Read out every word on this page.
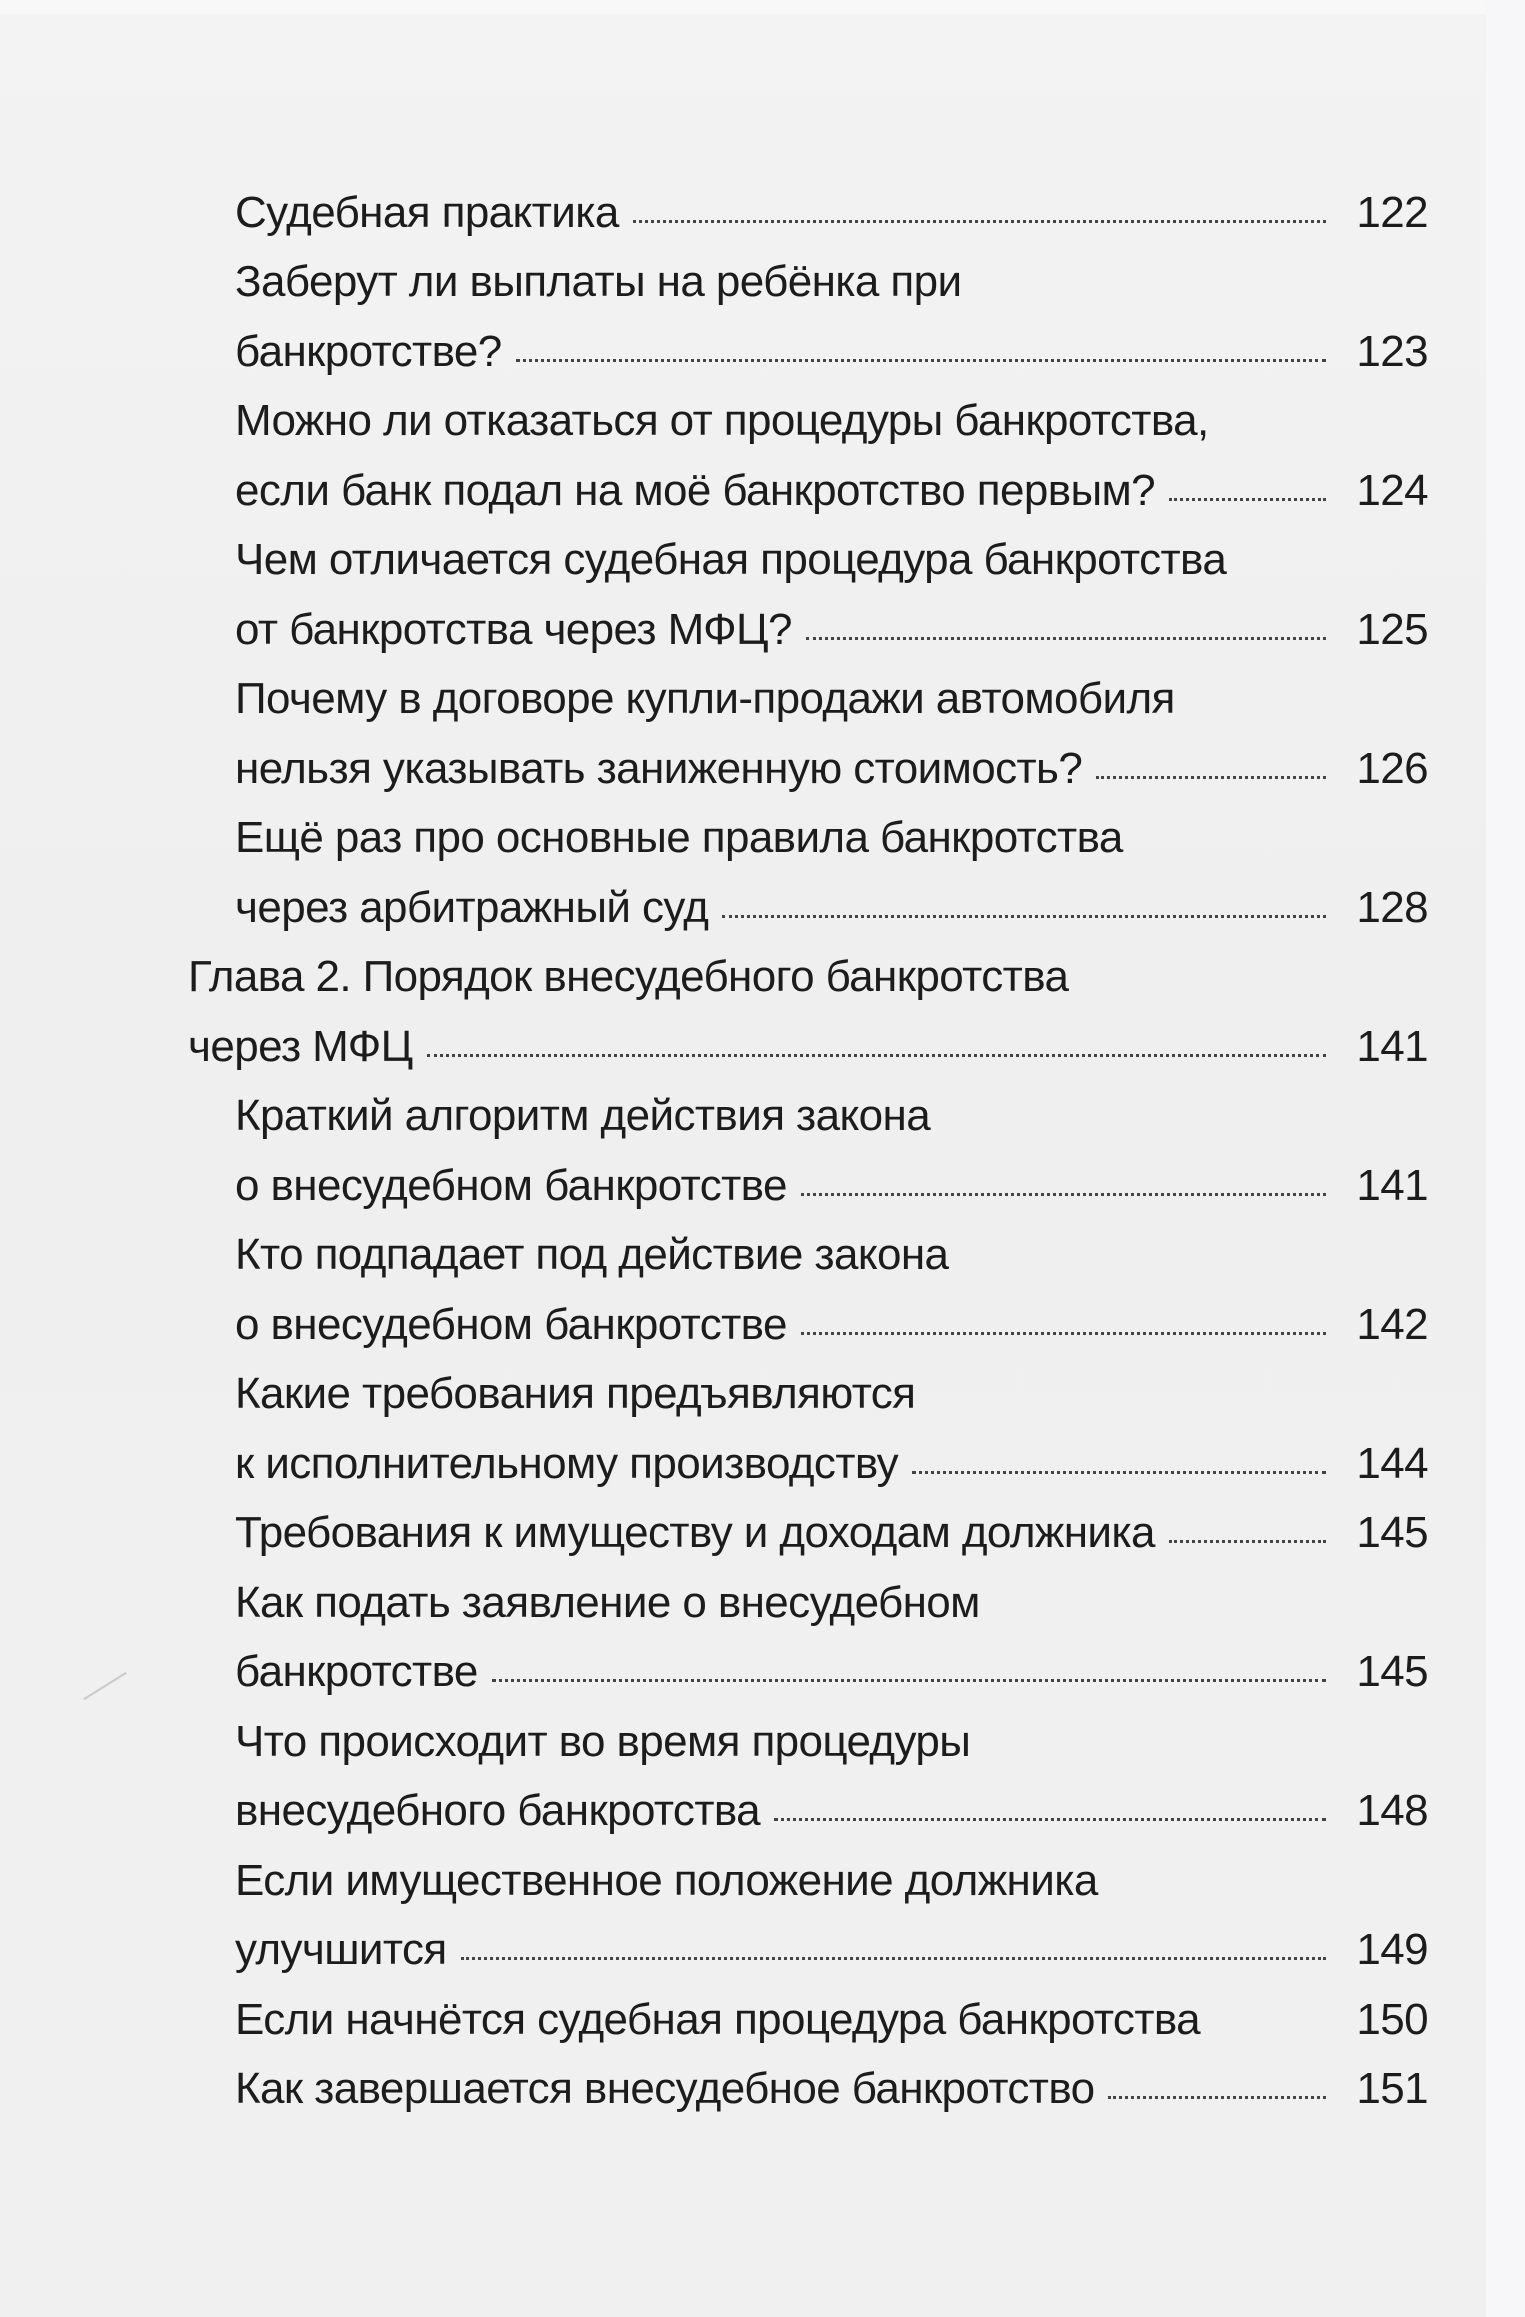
Судебная практика	122
Заберут ли выплаты на ребёнка при
банкротстве?	123
Можно ли отказаться от процедуры банкротства,
если банк подал на моё банкротство первым?	124
Чем отличается судебная процедура банкротства
от банкротства через МФЦ?	125
Почему в договоре купли-продажи автомобиля
нельзя указывать заниженную стоимость?	126
Ещё раз про основные правила банкротства
через арбитражный суд	128
Глава 2. Порядок внесудебного банкротства
через МФЦ	141
Краткий алгоритм действия закона
о внесудебном банкротстве	141
Кто подпадает под действие закона
о внесудебном банкротстве	142
Какие требования предъявляются
к исполнительному производству	144
Требования к имуществу и доходам должника	145
Как подать заявление о внесудебном
банкротстве	145
Что происходит во время процедуры
внесудебного банкротства	148
Если имущественное положение должника
улучшится	149
Если начнётся судебная процедура банкротства	150
Как завершается внесудебное банкротство	151
